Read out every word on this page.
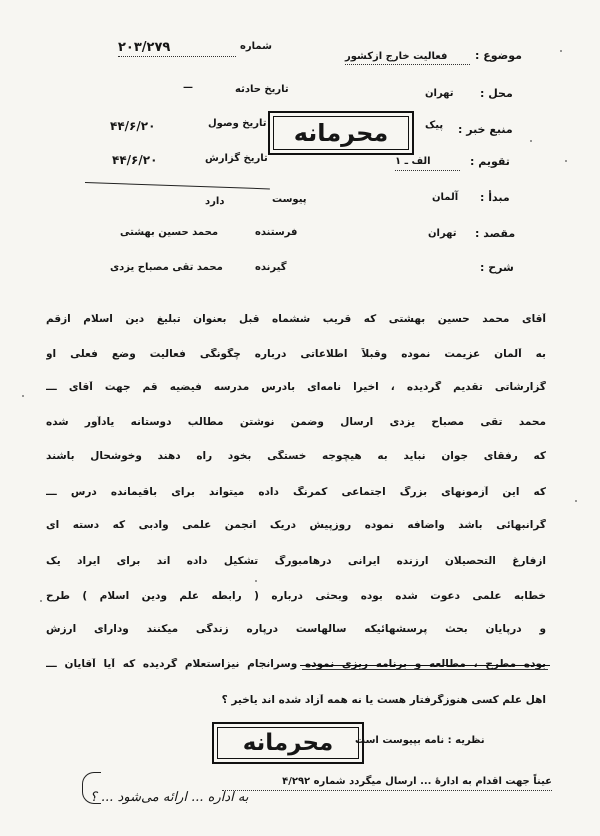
موضوع :
فعالیت خارج ازکشور
شماره
۲۰۳/۲۷۹
محل :
تهران
تاریخ حادثه
—
منبع خبر :
پیک
تاریخ وصول
۴۴/۶/۲۰
تقویم :
الف ـ ۱
تاریخ گزارش
۴۴/۶/۲۰
مبدأ :
آلمان
پیوست
دارد
مقصد :
تهران
فرستنده
محمد حسین بهشتی
شرح :
گیرنده
محمد تقی مصباح یزدی
محرمانه
آقای محمد حسین بهشتی که قریب ششماه قبل بعنوان تبلیغ دین اسلام ازقم
به آلمان عزیمت نموده وقبلاً اطلاعاتی درباره چگونگی فعالیت وضع فعلی او
گزارشاتی تقدیم گردیده ، اخیراً نامه‌ای بادرس مدرسه فیضیه قم جهت آقای ـــ
محمد تقی مصباح یزدی ارسال وضمن نوشتن مطالب دوستانه یادآور شده
که رفقای جوان نباید به هیچوجه خستگی بخود راه دهند وخوشحال باشند
که این آزمونهای بزرگ اجتماعی کمرنگ داده میتواند برای باقیمانده درس ـــ
گرانبهائی باشد واضافه نموده روزپیش دریک انجمن علمی وادبی که دسته ای
ازفارغ التحصیلان ارزنده ایرانی درهامبورگ تشکیل داده اند برای ایراد یک
خطابه علمی دعوت شده بوده وبحثی درباره ( رابطه علم ودین اسلام ) طرح
و درپایان بحث پرسشهائیکه سالهاست درپاره زندگی میکنند ودارای ارزش
بوده مطرح ، مطالعه و برنامه ریزی نموده وسرانجام نیزاستعلام گردیده که آیا آقایان ـــ
اهل علم کسی هنوزگرفتار هست یا نه همه آزاد شده اند یاخیر ؟
نظریه : نامه بپیوست است
محرمانه
عیناً جهت اقدام به ادارهٔ ... ارسال میگردد شماره ۴/۲۹۲
به اداره ... ارائه می‌شود ... ؟
